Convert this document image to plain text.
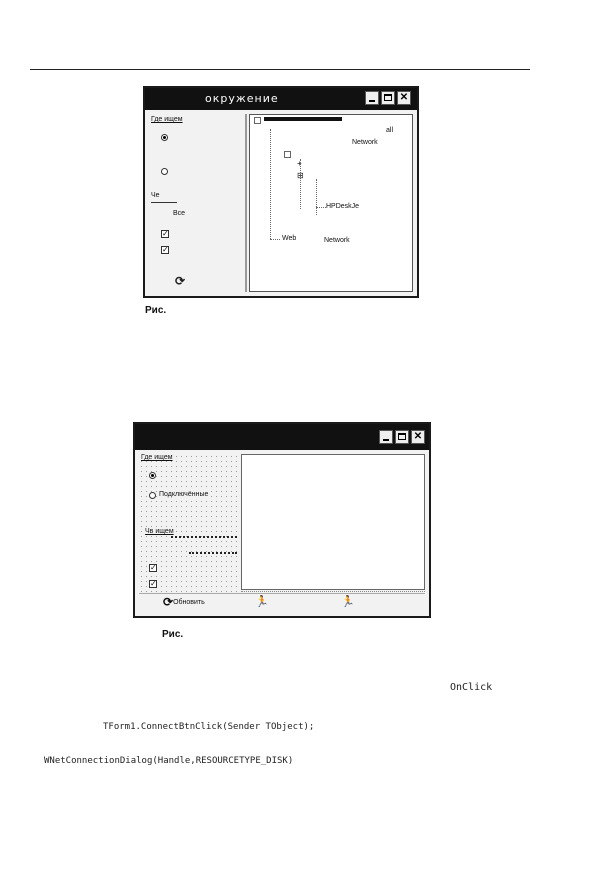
окружение	✕
Где ищем
Че
Все
✓
✓
⟳
all
Network
+
⊟
HPDeskJe
Web	Network
Рис.
✕
Где ищем
Подключённые
Чв ищем
✓
✓
⟳Обновить	🏃	🏃
Рис.
OnClick
TForm1.ConnectBtnClick(Sender TObject);
WNetConnectionDialog(Handle,RESOURCETYPE_DISK)
